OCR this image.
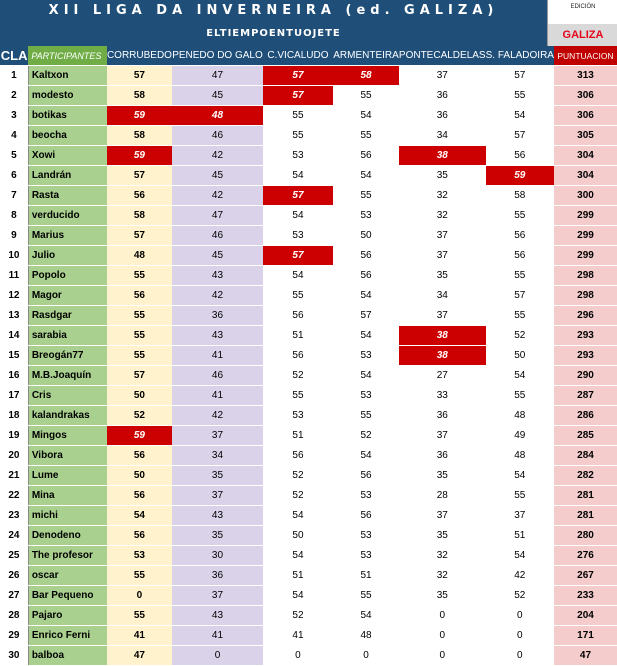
XII LIGA DA INVERNEIRA (ed. GALIZA)
ELTIEMPOENTUOJETE
EDICIÓN
GALIZA
CLA	PARTICIPANTES	CORRUBEDO	PENEDO DO GALO	C.VICALUDO	ARMENTEIRA	PONTECALDELAS	S. FALADOIRA	PUNTUACION
1	Kaltxon	57	47	57	58	37	57	313
2	modesto	58	45	57	55	36	55	306
3	botikas	59	48	55	54	36	54	306
4	beocha	58	46	55	55	34	57	305
5	Xowi	59	42	53	56	38	56	304
6	Landrán	57	45	54	54	35	59	304
7	Rasta	56	42	57	55	32	58	300
8	verducido	58	47	54	53	32	55	299
9	Marius	57	46	53	50	37	56	299
10	Julio	48	45	57	56	37	56	299
11	Popolo	55	43	54	56	35	55	298
12	Magor	56	42	55	54	34	57	298
13	Rasdgar	55	36	56	57	37	55	296
14	sarabia	55	43	51	54	38	52	293
15	Breogán77	55	41	56	53	38	50	293
16	M.B.Joaquín	57	46	52	54	27	54	290
17	Cris	50	41	55	53	33	55	287
18	kalandrakas	52	42	53	55	36	48	286
19	Mingos	59	37	51	52	37	49	285
20	Vibora	56	34	56	54	36	48	284
21	Lume	50	35	52	56	35	54	282
22	Mina	56	37	52	53	28	55	281
23	michi	54	43	54	56	37	37	281
24	Denodeno	56	35	50	53	35	51	280
25	The profesor	53	30	54	53	32	54	276
26	oscar	55	36	51	51	32	42	267
27	Bar Pequeno	0	37	54	55	35	52	233
28	Pajaro	55	43	52	54	0	0	204
29	Enrico Ferni	41	41	41	48	0	0	171
30	balboa	47	0	0	0	0	0	47
